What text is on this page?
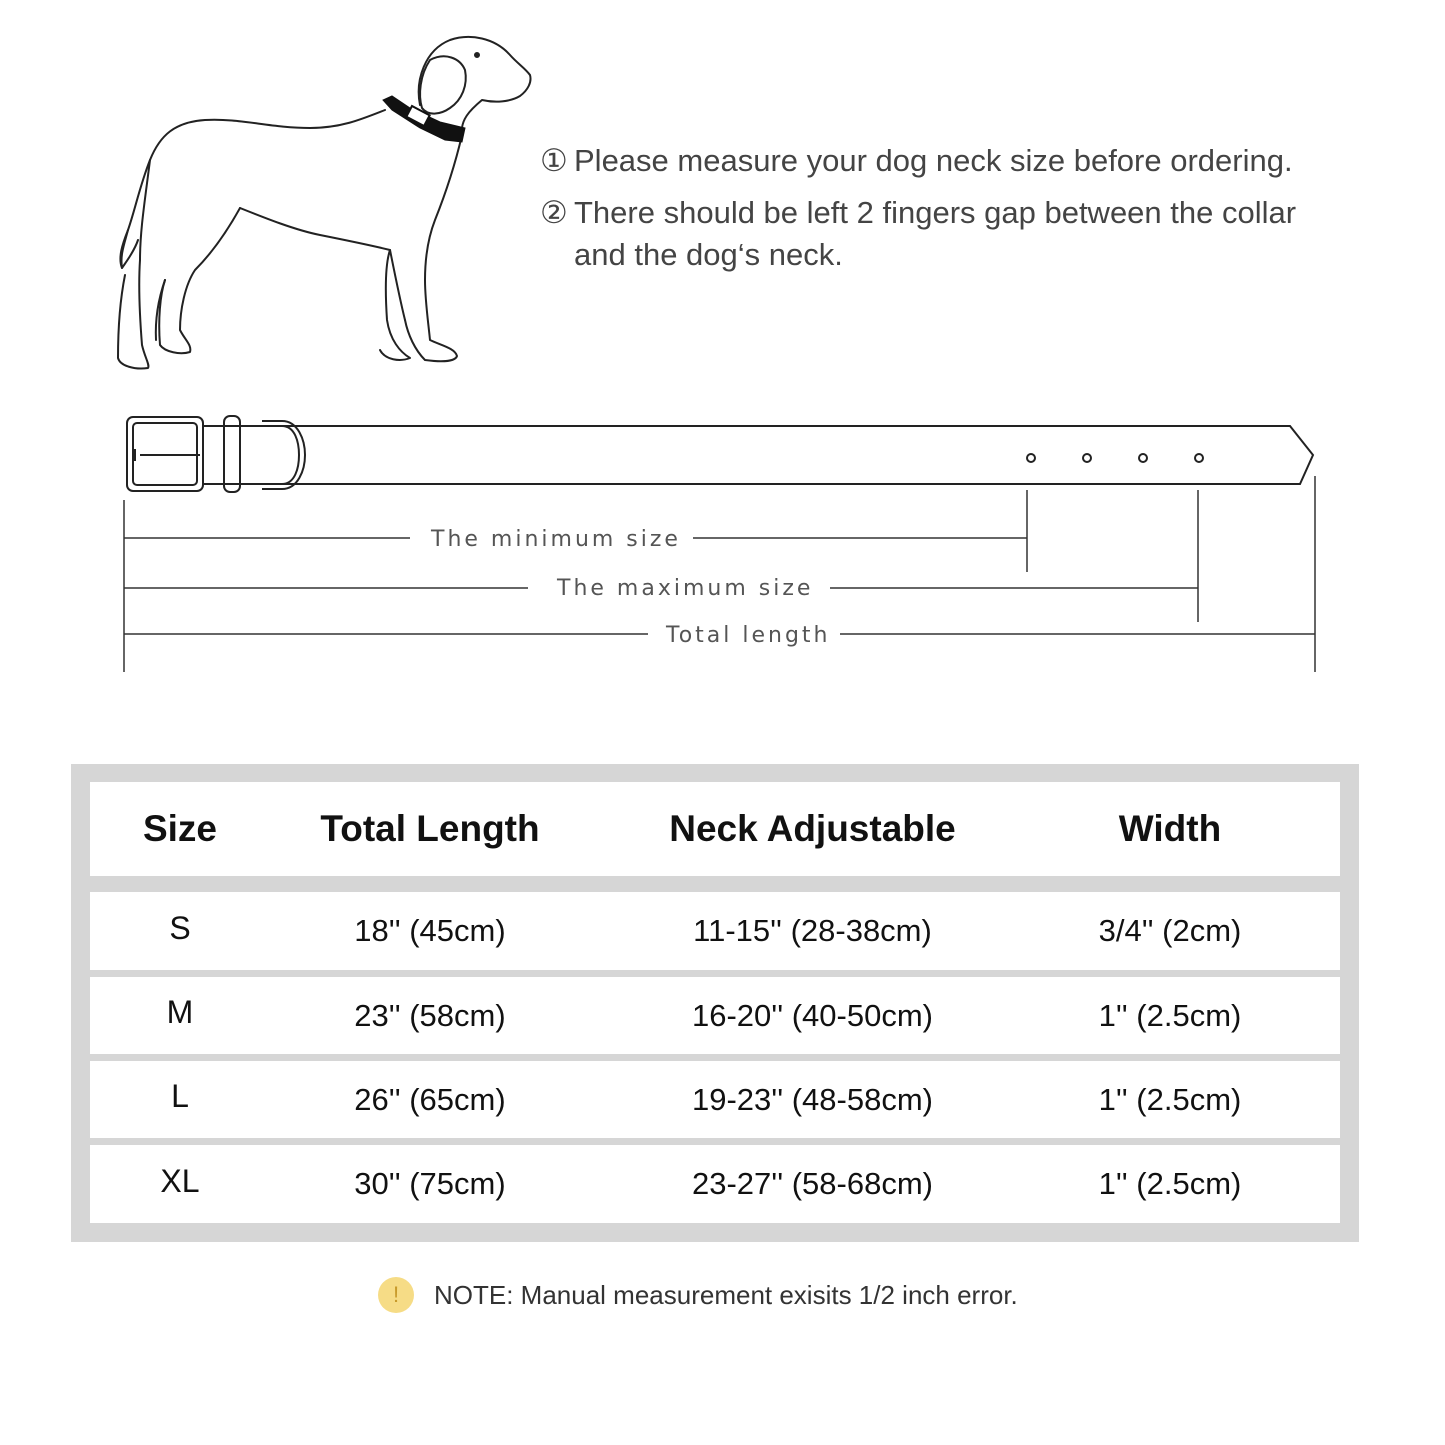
① Please measure your dog neck size before ordering.
② There should be left 2 fingers gap between the collar and the dog‘s neck.
The minimum size
The maximum size
Total length
Size	Total Length	Neck Adjustable	Width
S	18'' (45cm)	11-15'' (28-38cm)	3/4'' (2cm)
M	23'' (58cm)	16-20'' (40-50cm)	1'' (2.5cm)
L	26'' (65cm)	19-23'' (48-58cm)	1'' (2.5cm)
XL	30'' (75cm)	23-27'' (58-68cm)	1'' (2.5cm)
!	NOTE: Manual measurement exisits 1/2 inch error.
